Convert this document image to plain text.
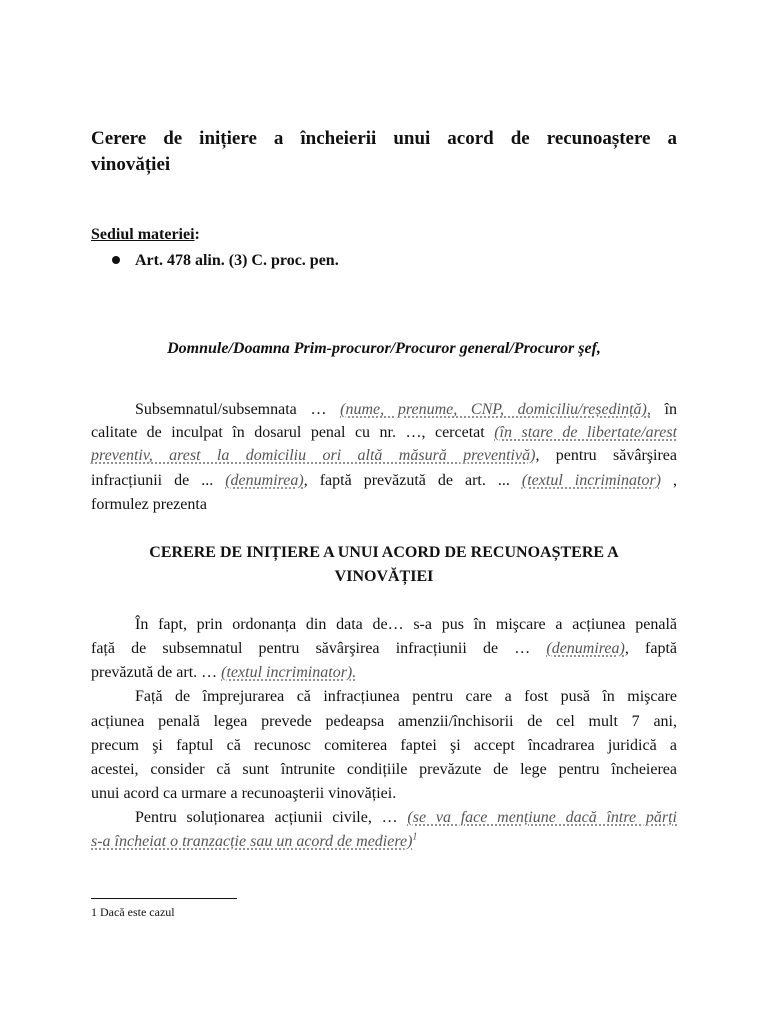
Cerere de inițiere a încheierii unui acord de recunoaștere a
vinovăției
Sediul materiei:
Art. 478 alin. (3) C. proc. pen.
Domnule/Doamna Prim-procuror/Procuror general/Procuror şef,
Subsemnatul/subsemnata … (nume, prenume, CNP, domiciliu/reședință), în
calitate de inculpat în dosarul penal cu nr. …, cercetat (în stare de libertate/arest
preventiv, arest la domiciliu ori altă măsură preventivă), pentru săvârşirea
infracțiunii de ... (denumirea), faptă prevăzută de art. ... (textul incriminator) ,
formulez prezenta
CERERE DE INIȚIERE A UNUI ACORD DE RECUNOAȘTERE A
VINOVĂȚIEI
În fapt, prin ordonanța din data de… s-a pus în mişcare a acțiunea penală
față de subsemnatul pentru săvârşirea infracțiunii de … (denumirea), faptă
prevăzută de art. … (textul incriminator).
Față de împrejurarea că infracțiunea pentru care a fost pusă în mişcare
acțiunea penală legea prevede pedeapsa amenzii/închisorii de cel mult 7 ani,
precum şi faptul că recunosc comiterea faptei şi accept încadrarea juridică a
acestei, consider că sunt întrunite condițiile prevăzute de lege pentru încheierea
unui acord ca urmare a recunoaşterii vinovăției.
Pentru soluționarea acțiunii civile, … (se va face mențiune dacă între părți
s-a încheiat o tranzacție sau un acord de mediere)$^1$
1 Dacă este cazul
